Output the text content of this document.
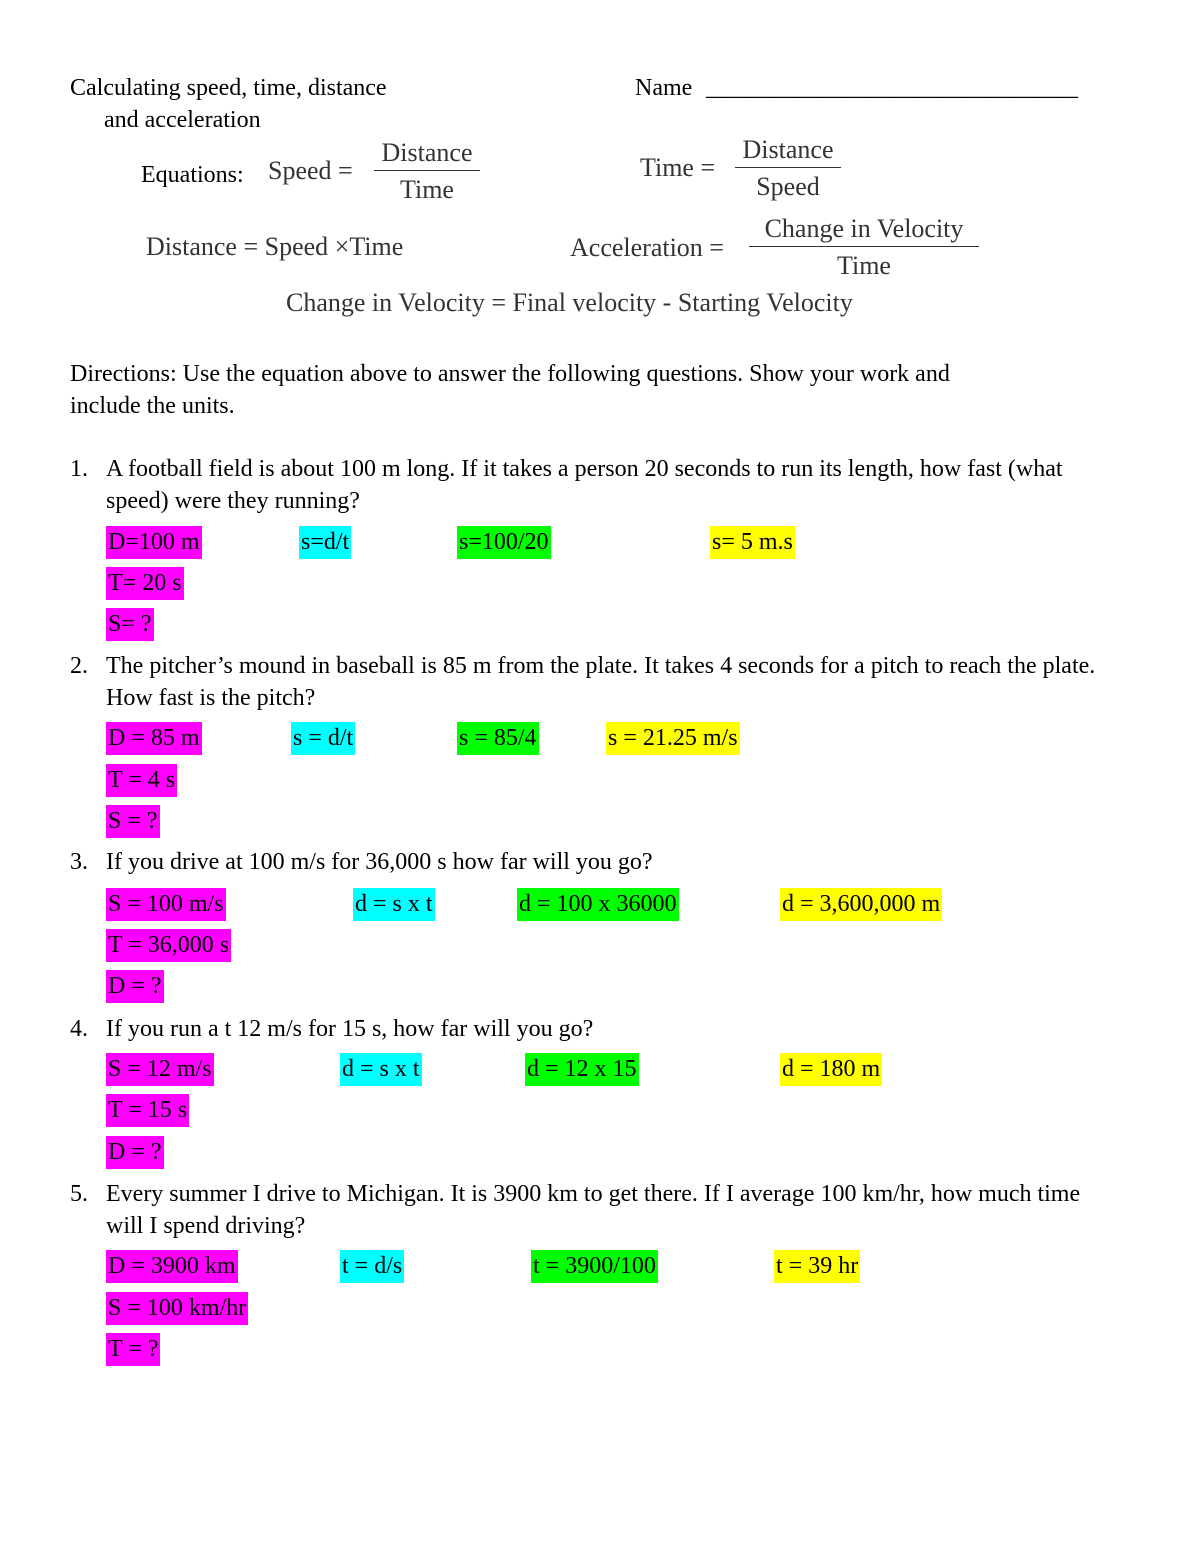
Calculating speed, time, distance
and acceleration
Name _______________________________
Equations: Speed =
Distance
Time
Time =
Distance
Speed
Distance = Speed ×Time	Acceleration =
Change in Velocity
Time
Change in Velocity = Final velocity - Starting Velocity
Directions: Use the equation above to answer the following questions. Show your work and
include the units.
1. A football field is about 100 m long. If it takes a person 20 seconds to run its length, how fast (what speed) were they running?
D=100 m
T= 20 s
S= ?
s=d/t	s=100/20	s= 5 m.s
2. The pitcher’s mound in baseball is 85 m from the plate. It takes 4 seconds for a pitch to reach the plate. How fast is the pitch?
D = 85 m
T = 4 s
S = ?
s = d/t	s = 85/4	s = 21.25 m/s
3. If you drive at 100 m/s for 36,000 s how far will you go?
S = 100 m/s
T = 36,000 s
D = ?
d = s x t	d = 100 x 36000	d = 3,600,000 m
4. If you run a t 12 m/s for 15 s, how far will you go?
S = 12 m/s
T = 15 s
D = ?
d = s x t	d = 12 x 15	d = 180 m
5. Every summer I drive to Michigan. It is 3900 km to get there. If I average 100 km/hr, how much time will I spend driving?
D = 3900 km
S = 100 km/hr
T = ?
t = d/s	t = 3900/100	t = 39 hr
